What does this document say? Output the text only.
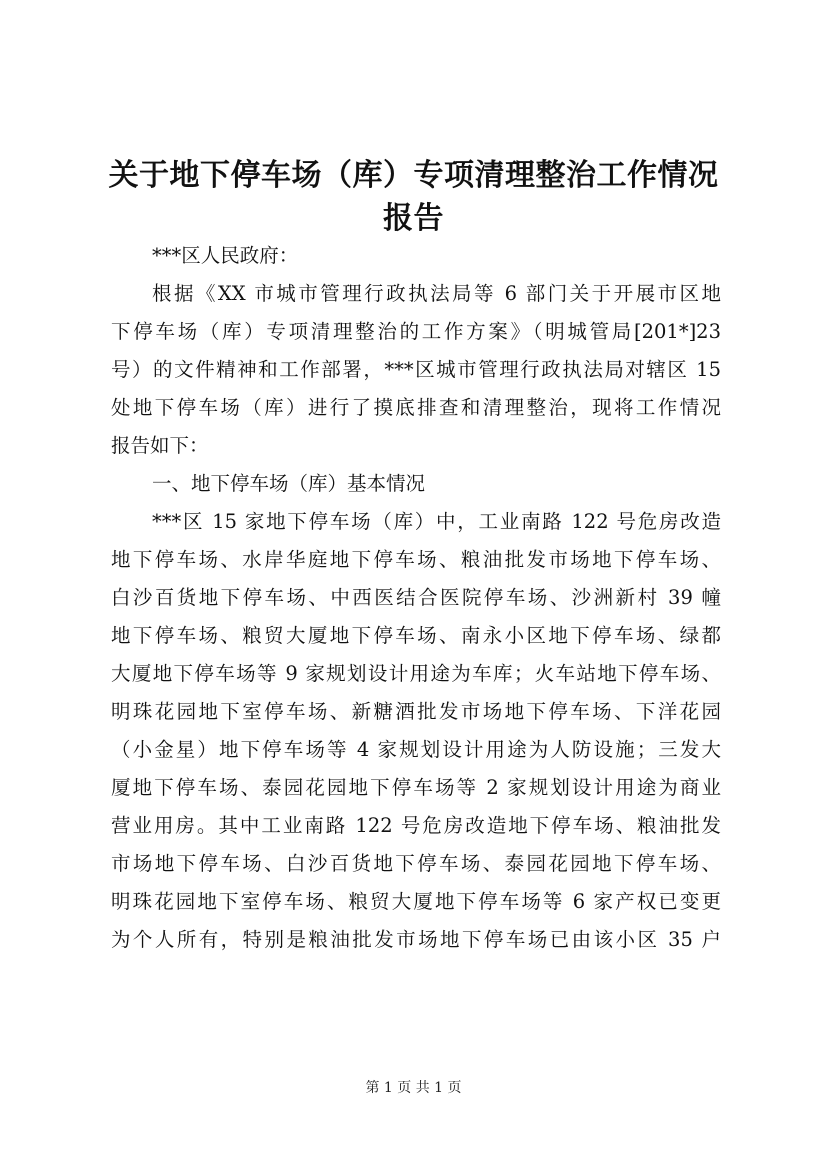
关于地下停车场（库）专项清理整治工作情况
报告
***区人民政府：
根据《XX 市城市管理行政执法局等 6 部门关于开展市区地
下停车场（库）专项清理整治的工作方案》（明城管局[201*]23
号）的文件精神和工作部署，***区城市管理行政执法局对辖区 15
处地下停车场（库）进行了摸底排查和清理整治，现将工作情况
报告如下：
一、地下停车场（库）基本情况
***区 15 家地下停车场（库）中，工业南路 122 号危房改造
地下停车场、水岸华庭地下停车场、粮油批发市场地下停车场、
白沙百货地下停车场、中西医结合医院停车场、沙洲新村 39 幢
地下停车场、粮贸大厦地下停车场、南永小区地下停车场、绿都
大厦地下停车场等 9 家规划设计用途为车库；火车站地下停车场、
明珠花园地下室停车场、新糖酒批发市场地下停车场、下洋花园
（小金星）地下停车场等 4 家规划设计用途为人防设施；三发大
厦地下停车场、泰园花园地下停车场等 2 家规划设计用途为商业
营业用房。其中工业南路 122 号危房改造地下停车场、粮油批发
市场地下停车场、白沙百货地下停车场、泰园花园地下停车场、
明珠花园地下室停车场、粮贸大厦地下停车场等 6 家产权已变更
为个人所有，特别是粮油批发市场地下停车场已由该小区 35 户
第 1 页 共 1 页
